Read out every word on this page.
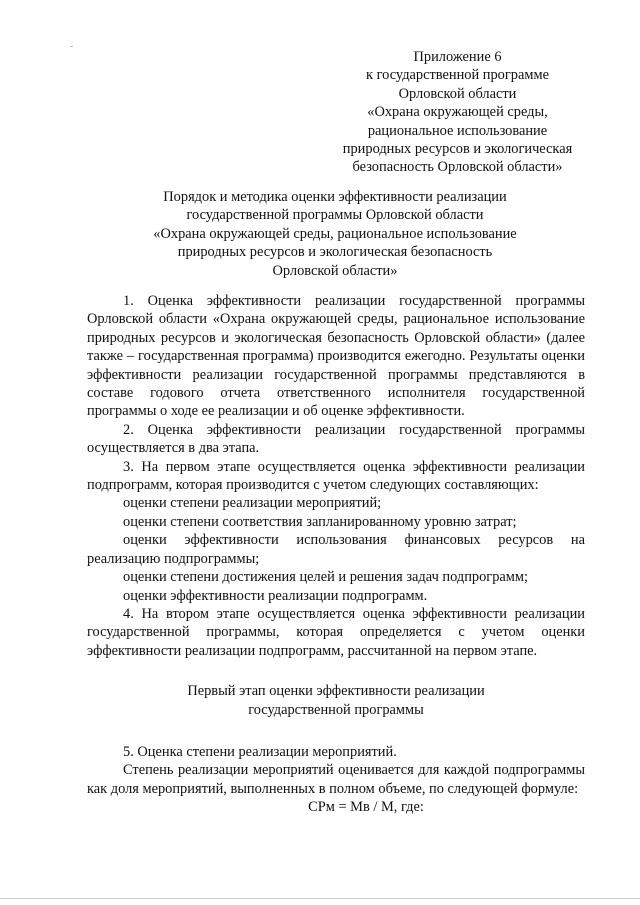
Приложение 6
к государственной программе
Орловской области
«Охрана окружающей среды,
рациональное использование
природных ресурсов и экологическая
безопасность Орловской области»
Порядок и методика оценки эффективности реализации
государственной программы Орловской области
«Охрана окружающей среды, рациональное использование
природных ресурсов и экологическая безопасность
Орловской области»

1. Оценка эффективности реализации государственной программы Орловской области «Охрана окружающей среды, рациональное использование природных ресурсов и экологическая безопасность Орловской области» (далее также – государственная программа) производится ежегодно. Результаты оценки эффективности реализации государственной программы представляются в составе годового отчета ответственного исполнителя государственной программы о ходе ее реализации и об оценке эффективности.

2. Оценка эффективности реализации государственной программы осуществляется в два этапа.

3. На первом этапе осуществляется оценка эффективности реализации подпрограмм, которая производится с учетом следующих составляющих:

оценки степени реализации мероприятий;

оценки степени соответствия запланированному уровню затрат;

оценки эффективности использования финансовых ресурсов на реализацию подпрограммы;

оценки степени достижения целей и решения задач подпрограмм;

оценки эффективности реализации подпрограмм.

4. На втором этапе осуществляется оценка эффективности реализации государственной программы, которая определяется с учетом оценки эффективности реализации подпрограмм, рассчитанной на первом этапе.

Первый этап оценки эффективности реализации
государственной программы

5. Оценка степени реализации мероприятий.

Степень реализации мероприятий оценивается для каждой подпрограммы как доля мероприятий, выполненных в полном объеме, по следующей формуле:

СРм = Мв / М, где:
